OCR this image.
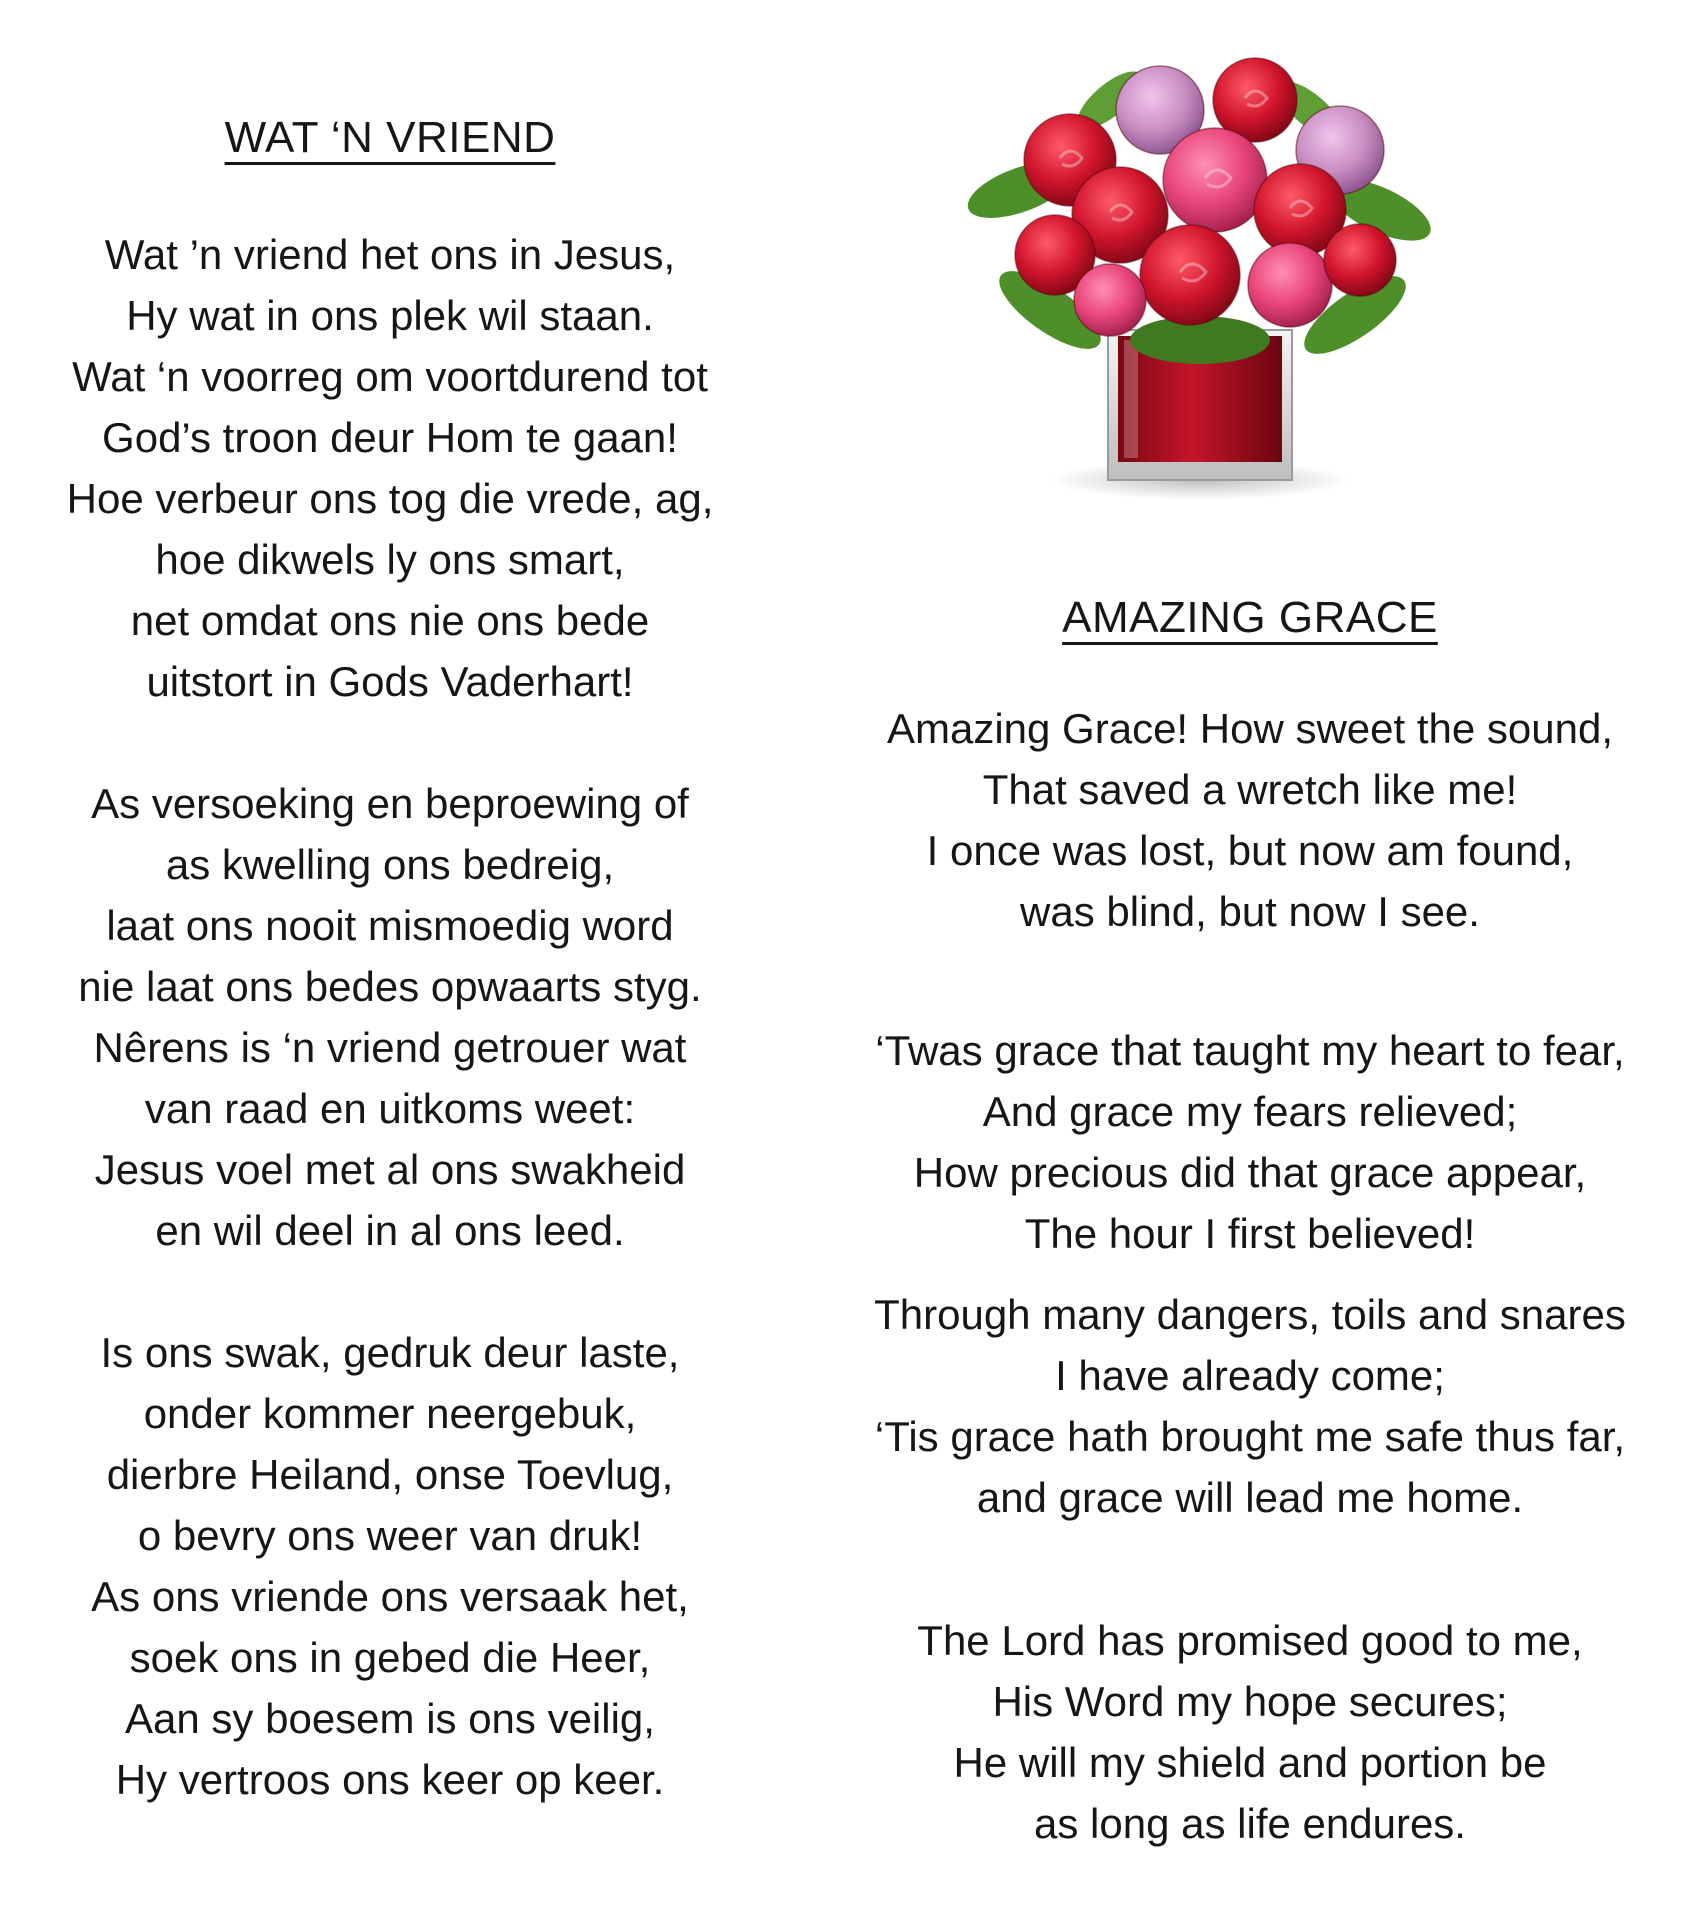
WAT ‘N VRIEND

Wat ’n vriend het ons in Jesus,
Hy wat in ons plek wil staan.
Wat ‘n voorreg om voortdurend tot
God’s troon deur Hom te gaan!
Hoe verbeur ons tog die vrede, ag,
hoe dikwels ly ons smart,
net omdat ons nie ons bede
uitstort in Gods Vaderhart!

As versoeking en beproewing of
as kwelling ons bedreig,
laat ons nooit mismoedig word
nie laat ons bedes opwaarts styg.
Nêrens is ‘n vriend getrouer wat
van raad en uitkoms weet:
Jesus voel met al ons swakheid
en wil deel in al ons leed.

Is ons swak, gedruk deur laste,
onder kommer neergebuk,
dierbre Heiland, onse Toevlug,
o bevry ons weer van druk!
As ons vriende ons versaak het,
soek ons in gebed die Heer,
Aan sy boesem is ons veilig,
Hy vertroos ons keer op keer.

AMAZING GRACE

Amazing Grace! How sweet the sound,
That saved a wretch like me!
I once was lost, but now am found,
was blind, but now I see.

‘Twas grace that taught my heart to fear,
And grace my fears relieved;
How precious did that grace appear,
The hour I first believed!

Through many dangers, toils and snares
I have already come;
‘Tis grace hath brought me safe thus far,
and grace will lead me home.

The Lord has promised good to me,
His Word my hope secures;
He will my shield and portion be
as long as life endures.
